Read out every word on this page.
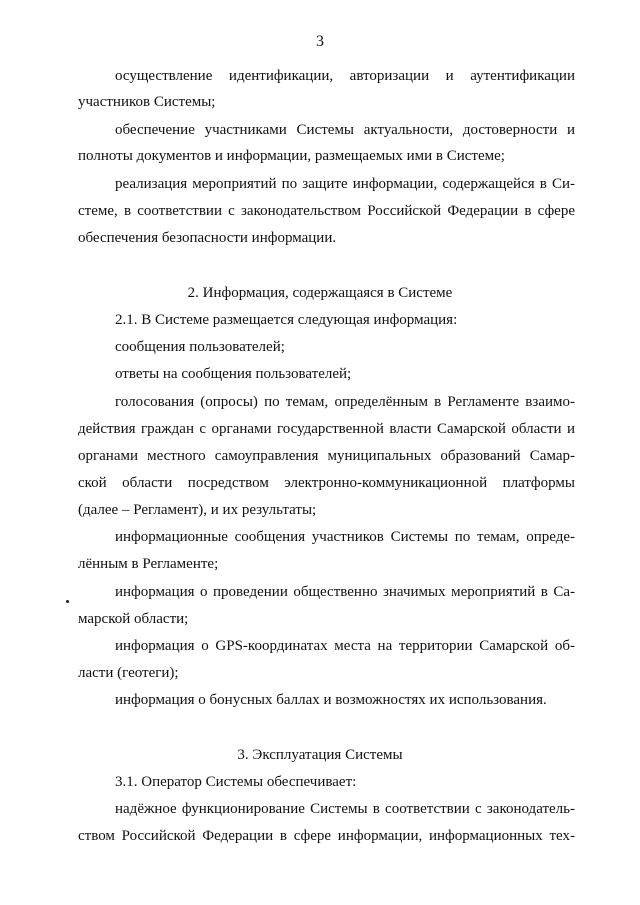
3
осуществление идентификации, авторизации и аутентификации
участников Системы;
обеспечение участниками Системы актуальности, достоверности и
полноты документов и информации, размещаемых ими в Системе;
реализация мероприятий по защите информации, содержащейся в Си-
стеме, в соответствии с законодательством Российской Федерации в сфере
обеспечения безопасности информации.
2. Информация, содержащаяся в Системе
2.1. В Системе размещается следующая информация:
сообщения пользователей;
ответы на сообщения пользователей;
голосования (опросы) по темам, определённым в Регламенте взаимо-
действия граждан с органами государственной власти Самарской области и
органами местного самоуправления муниципальных образований Самар-
ской области посредством электронно-коммуникационной платформы
(далее – Регламент), и их результаты;
информационные сообщения участников Системы по темам, опреде-
лённым в Регламенте;
информация о проведении общественно значимых мероприятий в Са-
марской области;
информация о GPS-координатах места на территории Самарской об-
ласти (геотеги);
информация о бонусных баллах и возможностях их использования.
3. Эксплуатация Системы
3.1. Оператор Системы обеспечивает:
надёжное функционирование Системы в соответствии с законодатель-
ством Российской Федерации в сфере информации, информационных тех-
